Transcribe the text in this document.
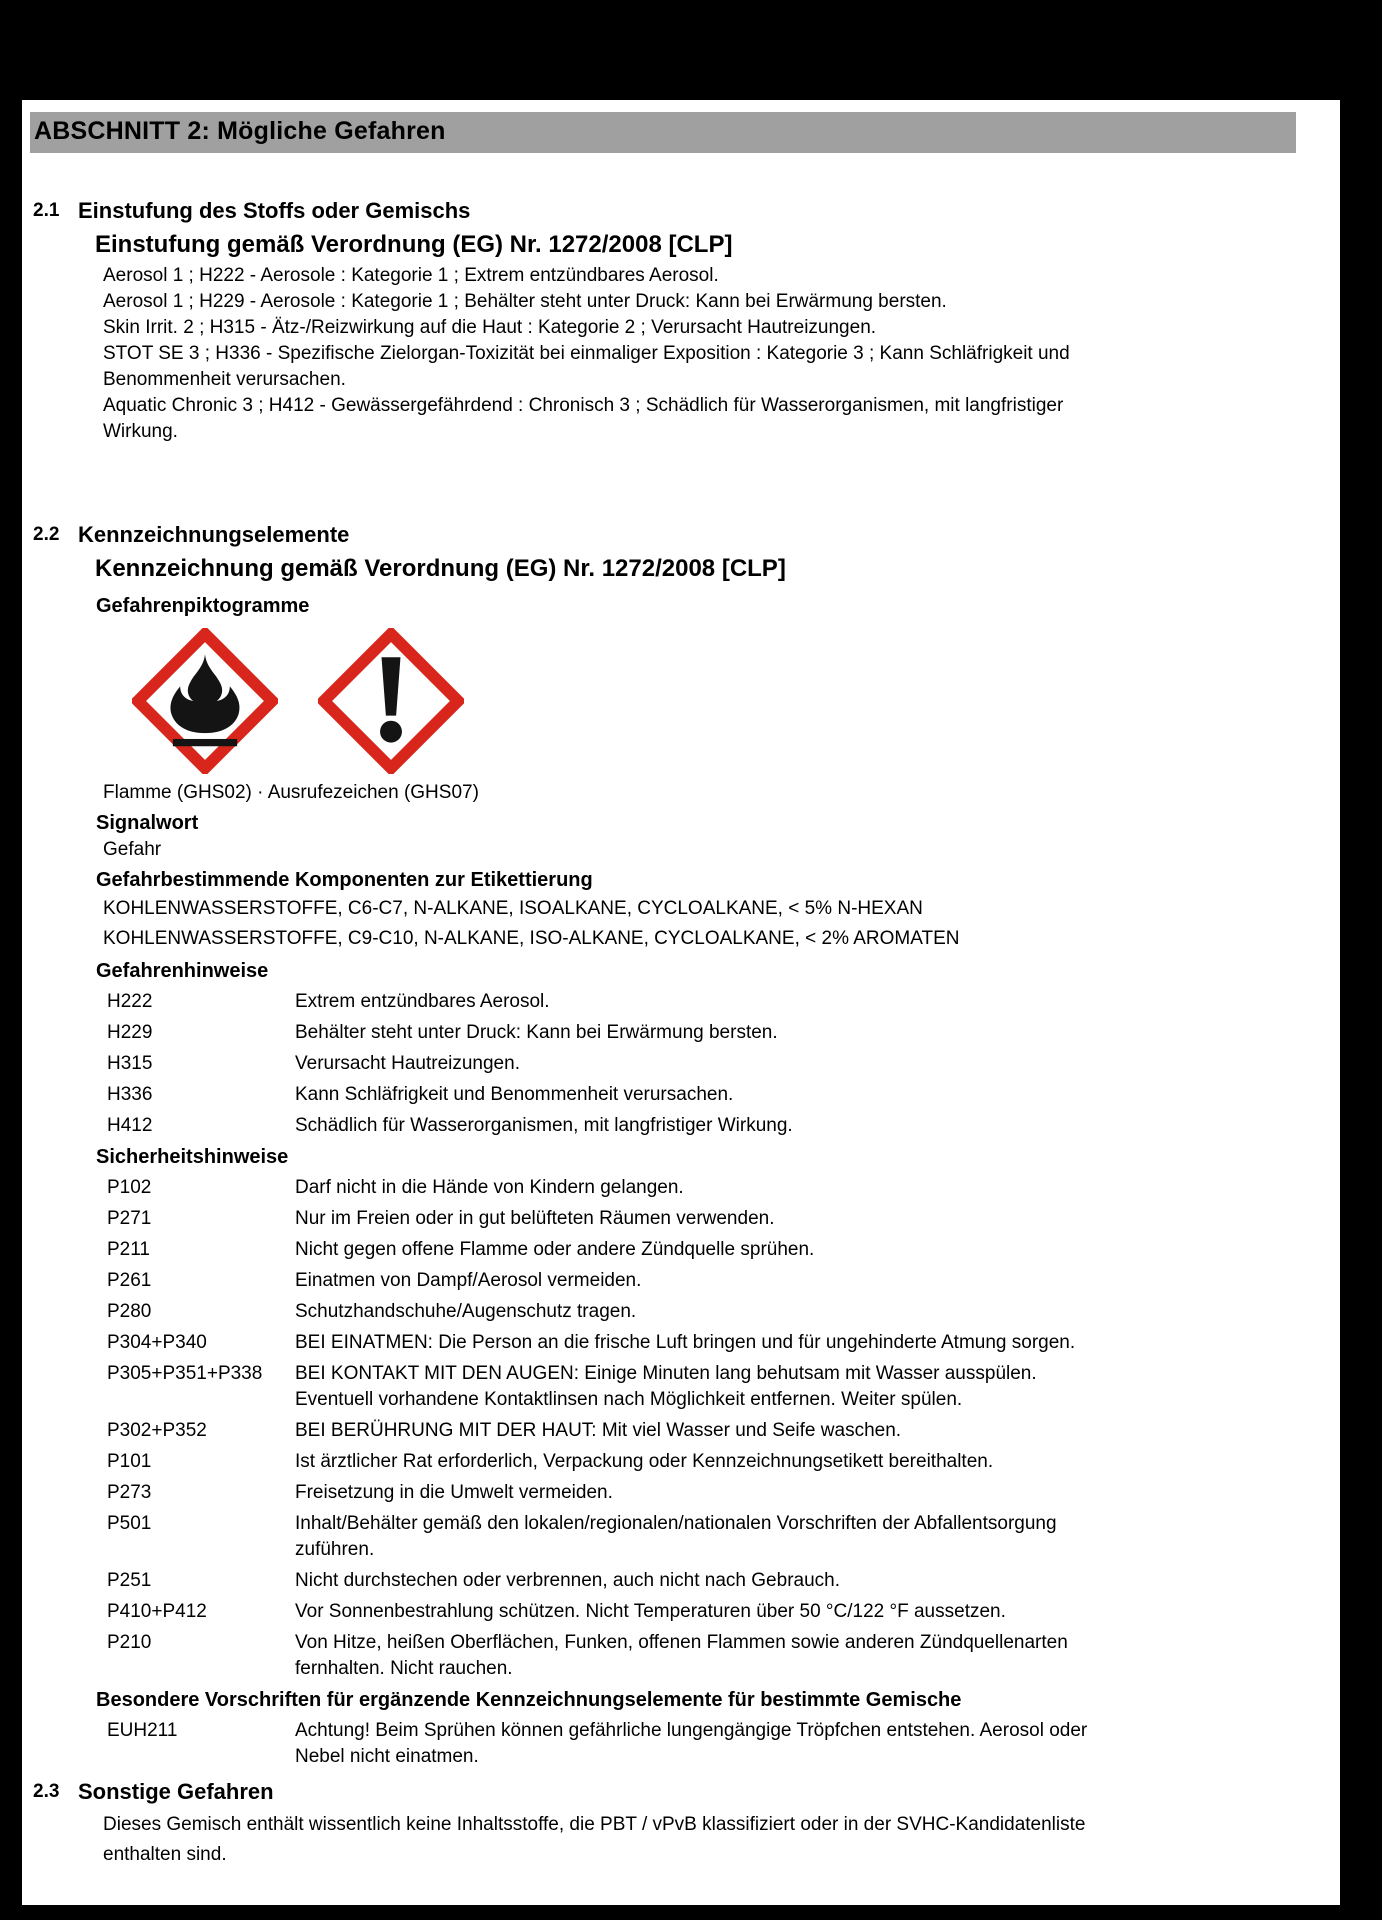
ABSCHNITT 2: Mögliche Gefahren
2.1 Einstufung des Stoffs oder Gemischs
Einstufung gemäß Verordnung (EG) Nr. 1272/2008 [CLP]
Aerosol 1 ; H222 - Aerosole : Kategorie 1 ; Extrem entzündbares Aerosol.
Aerosol 1 ; H229 - Aerosole : Kategorie 1 ; Behälter steht unter Druck: Kann bei Erwärmung bersten.
Skin Irrit. 2 ; H315 - Ätz-/Reizwirkung auf die Haut : Kategorie 2 ; Verursacht Hautreizungen.
STOT SE 3 ; H336 - Spezifische Zielorgan-Toxizität bei einmaliger Exposition : Kategorie 3 ; Kann Schläfrigkeit und
Benommenheit verursachen.
Aquatic Chronic 3 ; H412 - Gewässergefährdend : Chronisch 3 ; Schädlich für Wasserorganismen, mit langfristiger
Wirkung.
2.2 Kennzeichnungselemente
Kennzeichnung gemäß Verordnung (EG) Nr. 1272/2008 [CLP]
Gefahrenpiktogramme
Flamme (GHS02) · Ausrufezeichen (GHS07)
Signalwort
Gefahr
Gefahrbestimmende Komponenten zur Etikettierung
KOHLENWASSERSTOFFE, C6-C7, N-ALKANE, ISOALKANE, CYCLOALKANE, < 5% N-HEXAN
KOHLENWASSERSTOFFE, C9-C10, N-ALKANE, ISO-ALKANE, CYCLOALKANE, < 2% AROMATEN
Gefahrenhinweise
H222	Extrem entzündbares Aerosol.
H229	Behälter steht unter Druck: Kann bei Erwärmung bersten.
H315	Verursacht Hautreizungen.
H336	Kann Schläfrigkeit und Benommenheit verursachen.
H412	Schädlich für Wasserorganismen, mit langfristiger Wirkung.
Sicherheitshinweise
P102	Darf nicht in die Hände von Kindern gelangen.
P271	Nur im Freien oder in gut belüfteten Räumen verwenden.
P211	Nicht gegen offene Flamme oder andere Zündquelle sprühen.
P261	Einatmen von Dampf/Aerosol vermeiden.
P280	Schutzhandschuhe/Augenschutz tragen.
P304+P340	BEI EINATMEN: Die Person an die frische Luft bringen und für ungehinderte Atmung sorgen.
P305+P351+P338	BEI KONTAKT MIT DEN AUGEN: Einige Minuten lang behutsam mit Wasser ausspülen.
Eventuell vorhandene Kontaktlinsen nach Möglichkeit entfernen. Weiter spülen.
P302+P352	BEI BERÜHRUNG MIT DER HAUT: Mit viel Wasser und Seife waschen.
P101	Ist ärztlicher Rat erforderlich, Verpackung oder Kennzeichnungsetikett bereithalten.
P273	Freisetzung in die Umwelt vermeiden.
P501	Inhalt/Behälter gemäß den lokalen/regionalen/nationalen Vorschriften der Abfallentsorgung
zuführen.
P251	Nicht durchstechen oder verbrennen, auch nicht nach Gebrauch.
P410+P412	Vor Sonnenbestrahlung schützen. Nicht Temperaturen über 50 °C/122 °F aussetzen.
P210	Von Hitze, heißen Oberflächen, Funken, offenen Flammen sowie anderen Zündquellenarten
fernhalten. Nicht rauchen.
Besondere Vorschriften für ergänzende Kennzeichnungselemente für bestimmte Gemische
EUH211	Achtung! Beim Sprühen können gefährliche lungengängige Tröpfchen entstehen. Aerosol oder
Nebel nicht einatmen.
2.3 Sonstige Gefahren
Dieses Gemisch enthält wissentlich keine Inhaltsstoffe, die PBT / vPvB klassifiziert oder in der SVHC-Kandidatenliste
enthalten sind.
